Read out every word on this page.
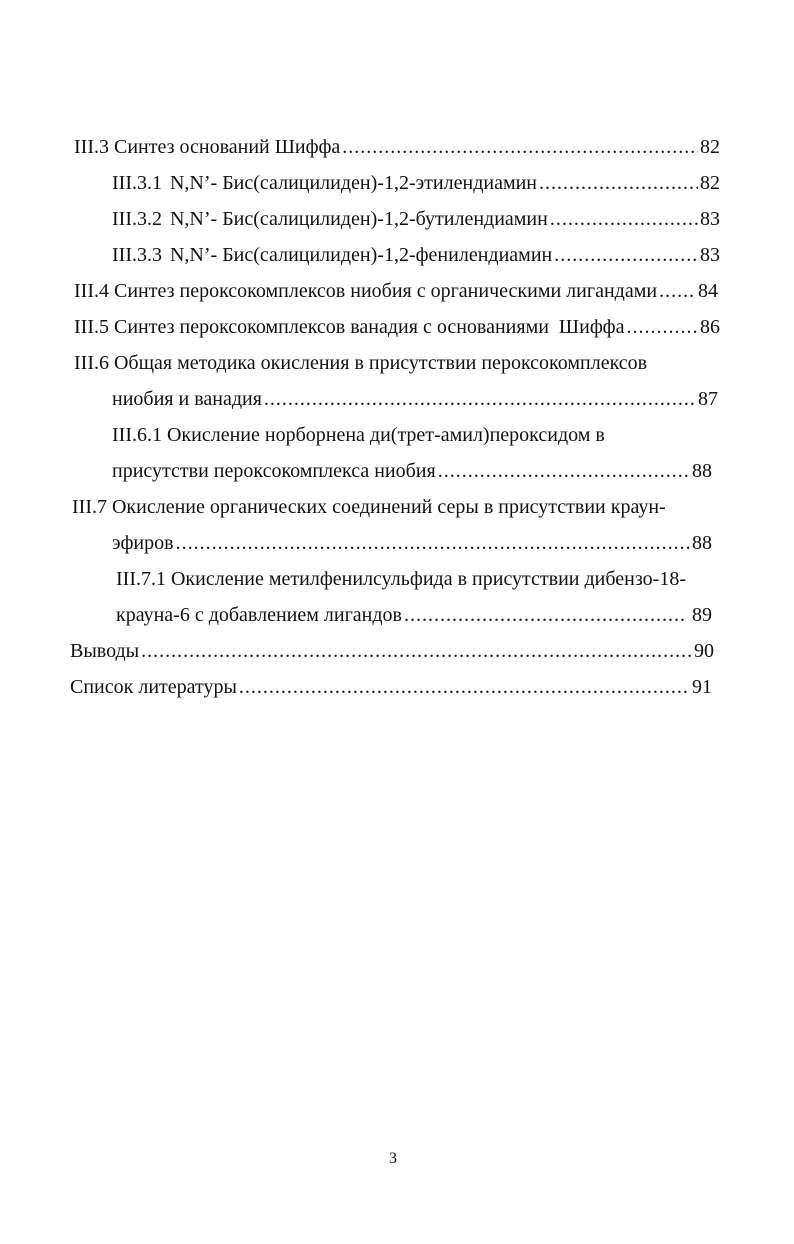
III.3 Синтез оснований Шиффа .....	82
III.3.1 N,N’- Бис(салицилиден)-1,2-этилендиамин .....	82
III.3.2 N,N’- Бис(салицилиден)-1,2-бутилендиамин .....	83
III.3.3 N,N’- Бис(салицилиден)-1,2-фенилендиамин .....	83
III.4 Синтез пероксокомплексов ниобия с органическими лигандами ..... 84
III.5 Синтез пероксокомплексов ванадия с основаниями  Шиффа .....	86
III.6 Общая методика окисления в присутствии пероксокомплексов
ниобия и ванадия .....	87
III.6.1 Окисление норборнена ди(трет-амил)пероксидом в
присутстви пероксокомплекса ниобия .....	88
III.7 Окисление органических соединений серы в присутствии краун-
эфиров .....	88
III.7.1 Окисление метилфенилсульфида в присутствии дибензо-18-
крауна-6 с добавлением лигандов .....	89
Выводы .....	90
Список литературы .....	91
3
